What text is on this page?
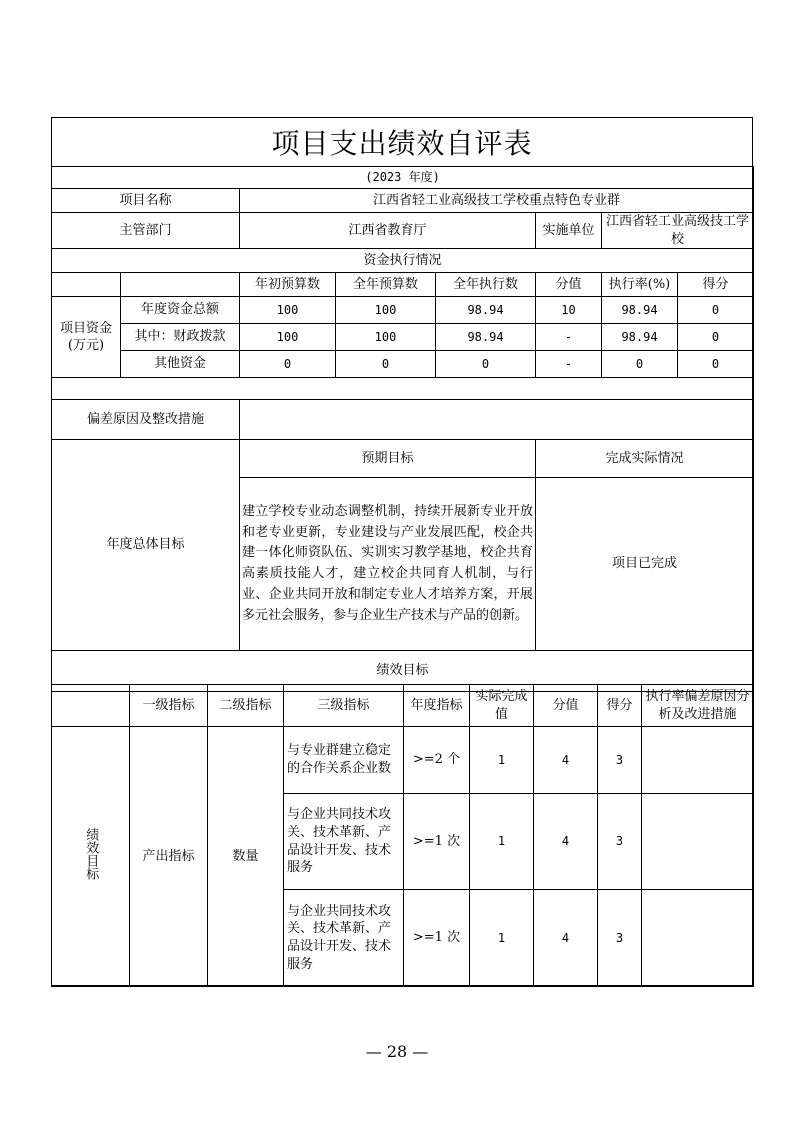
项目支出绩效自评表
(2023 年度)							
项目名称		江西省轻工业高级技工学校重点特色专业群					
主管部门		江西省教育厅			实施单位	江西省轻工业高级技工学校	
资金执行情况							
		年初预算数	全年预算数	全年执行数	分值	执行率(%)	得分
项目资金
(万元)	年度资金总额	100	100	98.94	10	98.94	0
	其中：财政拨款	100	100	98.94	-	98.94	0
	其他资金	0	0	0	-	0	0

偏差原因及整改措施							
年度总体目标		预期目标			完成实际情况		
		建立学校专业动态调整机制，持续开展新专业开放和老专业更新，专业建设与产业发展匹配，校企共建一体化师资队伍、实训实习教学基地，校企共育高素质技能人才，建立校企共同育人机制，与行业、企业共同开放和制定专业人才培养方案，开展多元社会服务，参与企业生产技术与产品的创新。			项目已完成		
绩效目标							
	一级指标	二级指标	三级指标	年度指标	实际完成值	分值	得分	执行率偏差原因分析及改进措施
绩效目标	产出指标	数量	与专业群建立稳定的合作关系企业数	>=2 个	1	4	3	
			与企业共同技术攻关、技术革新、产品设计开发、技术服务	>=1 次	1	4	3	
			与企业共同技术攻关、技术革新、产品设计开发、技术服务	>=1 次	1	4	3	
— 28 —
